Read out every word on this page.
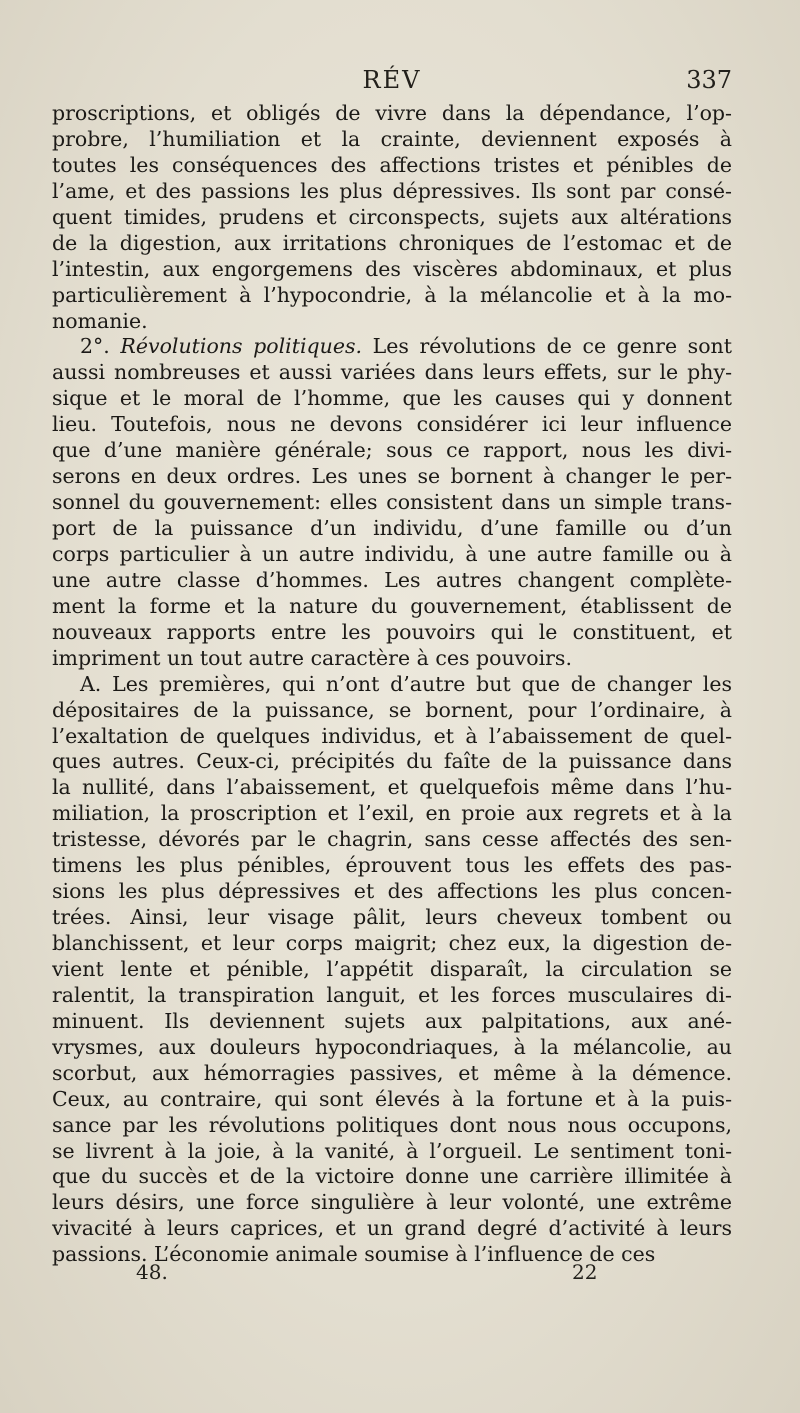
RÉV	337
proscriptions, et obligés de vivre dans la dépendance, l’op-
probre, l’humiliation et la crainte, deviennent exposés à
toutes les conséquences des affections tristes et pénibles de
l’ame, et des passions les plus dépressives. Ils sont par consé-
quent timides, prudens et circonspects, sujets aux altérations
de la digestion, aux irritations chroniques de l’estomac et de
l’intestin, aux engorgemens des viscères abdominaux, et plus
particulièrement à l’hypocondrie, à la mélancolie et à la mo-
nomanie.
2°. Révolutions politiques. Les révolutions de ce genre sont
aussi nombreuses et aussi variées dans leurs effets, sur le phy-
sique et le moral de l’homme, que les causes qui y donnent
lieu. Toutefois, nous ne devons considérer ici leur influence
que d’une manière générale; sous ce rapport, nous les divi-
serons en deux ordres. Les unes se bornent à changer le per-
sonnel du gouvernement: elles consistent dans un simple trans-
port de la puissance d’un individu, d’une famille ou d’un
corps particulier à un autre individu, à une autre famille ou à
une autre classe d’hommes. Les autres changent complète-
ment la forme et la nature du gouvernement, établissent de
nouveaux rapports entre les pouvoirs qui le constituent, et
impriment un tout autre caractère à ces pouvoirs.
A. Les premières, qui n’ont d’autre but que de changer les
dépositaires de la puissance, se bornent, pour l’ordinaire, à
l’exaltation de quelques individus, et à l’abaissement de quel-
ques autres. Ceux-ci, précipités du faîte de la puissance dans
la nullité, dans l’abaissement, et quelquefois même dans l’hu-
miliation, la proscription et l’exil, en proie aux regrets et à la
tristesse, dévorés par le chagrin, sans cesse affectés des sen-
timens les plus pénibles, éprouvent tous les effets des pas-
sions les plus dépressives et des affections les plus concen-
trées. Ainsi, leur visage pâlit, leurs cheveux tombent ou
blanchissent, et leur corps maigrit; chez eux, la digestion de-
vient lente et pénible, l’appétit disparaît, la circulation se
ralentit, la transpiration languit, et les forces musculaires di-
minuent. Ils deviennent sujets aux palpitations, aux ané-
vrysmes, aux douleurs hypocondriaques, à la mélancolie, au
scorbut, aux hémorragies passives, et même à la démence.
Ceux, au contraire, qui sont élevés à la fortune et à la puis-
sance par les révolutions politiques dont nous nous occupons,
se livrent à la joie, à la vanité, à l’orgueil. Le sentiment toni-
que du succès et de la victoire donne une carrière illimitée à
leurs désirs, une force singulière à leur volonté, une extrême
vivacité à leurs caprices, et un grand degré d’activité à leurs
passions. L’économie animale soumise à l’influence de ces
48.	22
